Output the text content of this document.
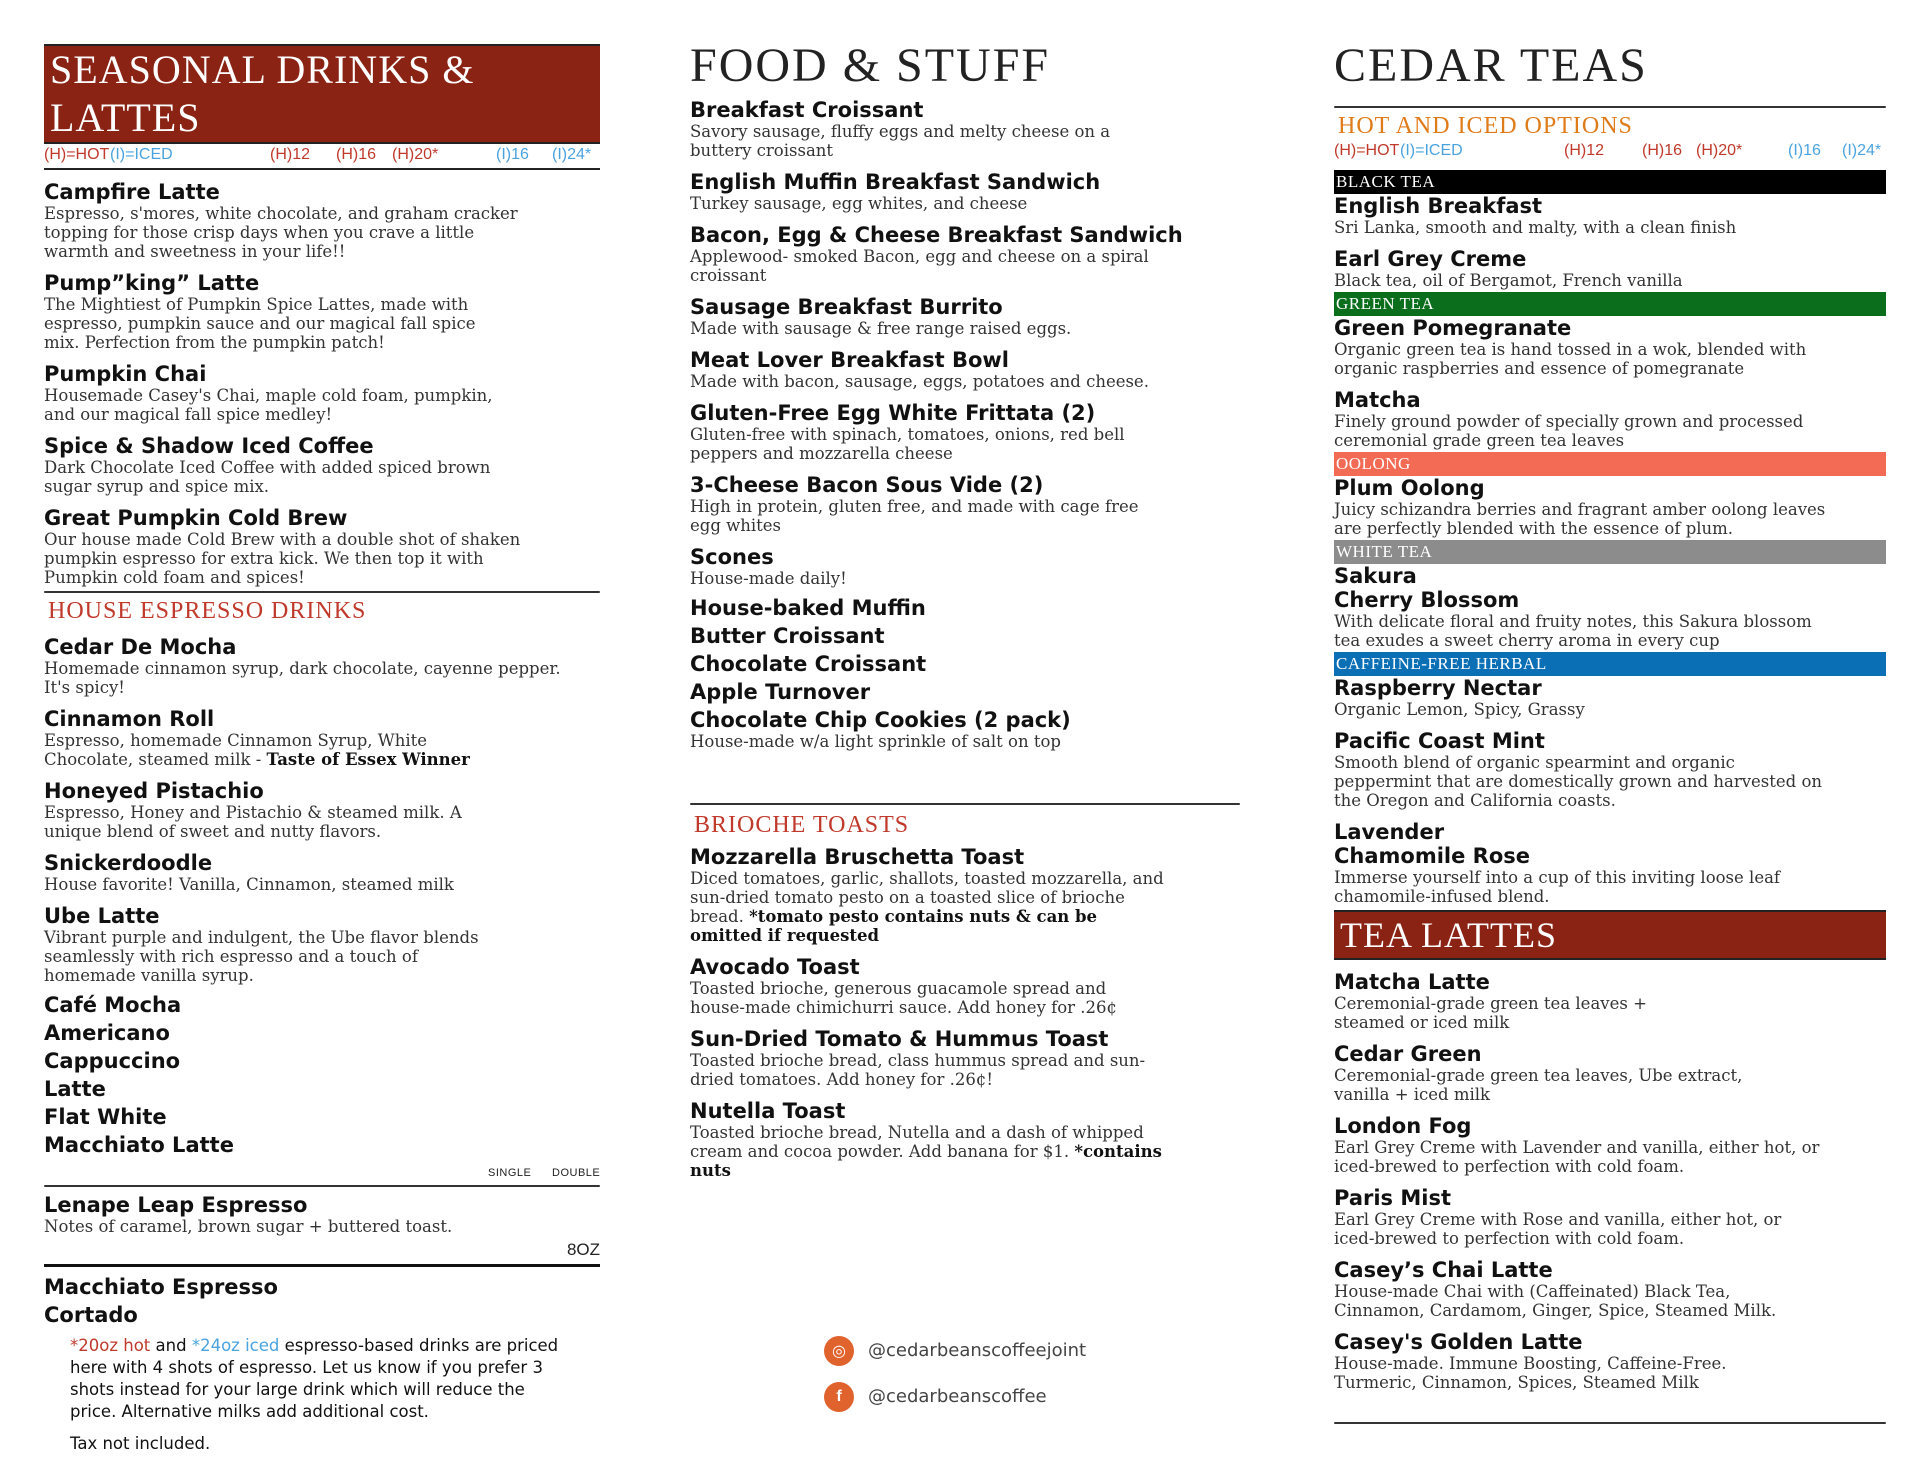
SEASONAL DRINKS & LATTES
(H)=HOT (I)=ICED	(H)12 (H)16 (H)20*	(I)16 (I)24*
Campfire Latte
Espresso, s'mores, white chocolate, and graham cracker topping for those crisp days when you crave a little warmth and sweetness in your life!!
Pump”king” Latte
The Mightiest of Pumpkin Spice Lattes, made with espresso, pumpkin sauce and our magical fall spice mix. Perfection from the pumpkin patch!
Pumpkin Chai
Housemade Casey's Chai, maple cold foam, pumpkin, and our magical fall spice medley!
Spice & Shadow Iced Coffee
Dark Chocolate Iced Coffee with added spiced brown sugar syrup and spice mix.
Great Pumpkin Cold Brew
Our house made Cold Brew with a double shot of shaken pumpkin espresso for extra kick. We then top it with Pumpkin cold foam and spices!
HOUSE ESPRESSO DRINKS
Cedar De Mocha
Homemade cinnamon syrup, dark chocolate, cayenne pepper. It's spicy!
Cinnamon Roll
Espresso, homemade Cinnamon Syrup, White Chocolate, steamed milk - Taste of Essex Winner
Honeyed Pistachio
Espresso, Honey and Pistachio & steamed milk. A unique blend of sweet and nutty flavors.
Snickerdoodle
House favorite! Vanilla, Cinnamon, steamed milk
Ube Latte
Vibrant purple and indulgent, the Ube flavor blends seamlessly with rich espresso and a touch of homemade vanilla syrup.
Café Mocha
Americano
Cappuccino
Latte
Flat White
Macchiato Latte
SINGLE DOUBLE
Lenape Leap Espresso
Notes of caramel, brown sugar + buttered toast.
8OZ
Macchiato Espresso
Cortado
*20oz hot and *24oz iced espresso-based drinks are priced here with 4 shots of espresso. Let us know if you prefer 3 shots instead for your large drink which will reduce the price. Alternative milks add additional cost.
Tax not included.
FOOD & STUFF
Breakfast Croissant
Savory sausage, fluffy eggs and melty cheese on a buttery croissant
English Muffin Breakfast Sandwich
Turkey sausage, egg whites, and cheese
Bacon, Egg & Cheese Breakfast Sandwich
Applewood- smoked Bacon, egg and cheese on a spiral croissant
Sausage Breakfast Burrito
Made with sausage & free range raised eggs.
Meat Lover Breakfast Bowl
Made with bacon, sausage, eggs, potatoes and cheese.
Gluten-Free Egg White Frittata (2)
Gluten-free with spinach, tomatoes, onions, red bell peppers and mozzarella cheese
3-Cheese Bacon Sous Vide (2)
High in protein, gluten free, and made with cage free egg whites
Scones
House-made daily!
House-baked Muffin
Butter Croissant
Chocolate Croissant
Apple Turnover
Chocolate Chip Cookies (2 pack)
House-made w/a light sprinkle of salt on top
BRIOCHE TOASTS
Mozzarella Bruschetta Toast
Diced tomatoes, garlic, shallots, toasted mozzarella, and sun-dried tomato pesto on a toasted slice of brioche bread. *tomato pesto contains nuts & can be omitted if requested
Avocado Toast
Toasted brioche, generous guacamole spread and house-made chimichurri sauce. Add honey for .26¢
Sun-Dried Tomato & Hummus Toast
Toasted brioche bread, class hummus spread and sun-dried tomatoes. Add honey for .26¢!
Nutella Toast
Toasted brioche bread, Nutella and a dash of whipped cream and cocoa powder. Add banana for $1. *contains nuts
◎ @cedarbeanscoffeejoint
f @cedarbeanscoffee
CEDAR TEAS
HOT AND ICED OPTIONS
(H)=HOT (I)=ICED	(H)12 (H)16 (H)20*	(I)16 (I)24*
BLACK TEA
English Breakfast
Sri Lanka, smooth and malty, with a clean finish
Earl Grey Creme
Black tea, oil of Bergamot, French vanilla
GREEN TEA
Green Pomegranate
Organic green tea is hand tossed in a wok, blended with organic raspberries and essence of pomegranate
Matcha
Finely ground powder of specially grown and processed ceremonial grade green tea leaves
OOLONG
Plum Oolong
Juicy schizandra berries and fragrant amber oolong leaves are perfectly blended with the essence of plum.
WHITE TEA
Sakura
Cherry Blossom
With delicate floral and fruity notes, this Sakura blossom tea exudes a sweet cherry aroma in every cup
CAFFEINE-FREE HERBAL
Raspberry Nectar
Organic Lemon, Spicy, Grassy
Pacific Coast Mint
Smooth blend of organic spearmint and organic peppermint that are domestically grown and harvested on the Oregon and California coasts.
Lavender
Chamomile Rose
Immerse yourself into a cup of this inviting loose leaf chamomile-infused blend.
TEA LATTES
Matcha Latte
Ceremonial-grade green tea leaves + steamed or iced milk
Cedar Green
Ceremonial-grade green tea leaves, Ube extract, vanilla + iced milk
London Fog
Earl Grey Creme with Lavender and vanilla, either hot, or iced-brewed to perfection with cold foam.
Paris Mist
Earl Grey Creme with Rose and vanilla, either hot, or iced-brewed to perfection with cold foam.
Casey’s Chai Latte
House-made Chai with (Caffeinated) Black Tea, Cinnamon, Cardamom, Ginger, Spice, Steamed Milk.
Casey's Golden Latte
House-made. Immune Boosting, Caffeine-Free. Turmeric, Cinnamon, Spices, Steamed Milk
